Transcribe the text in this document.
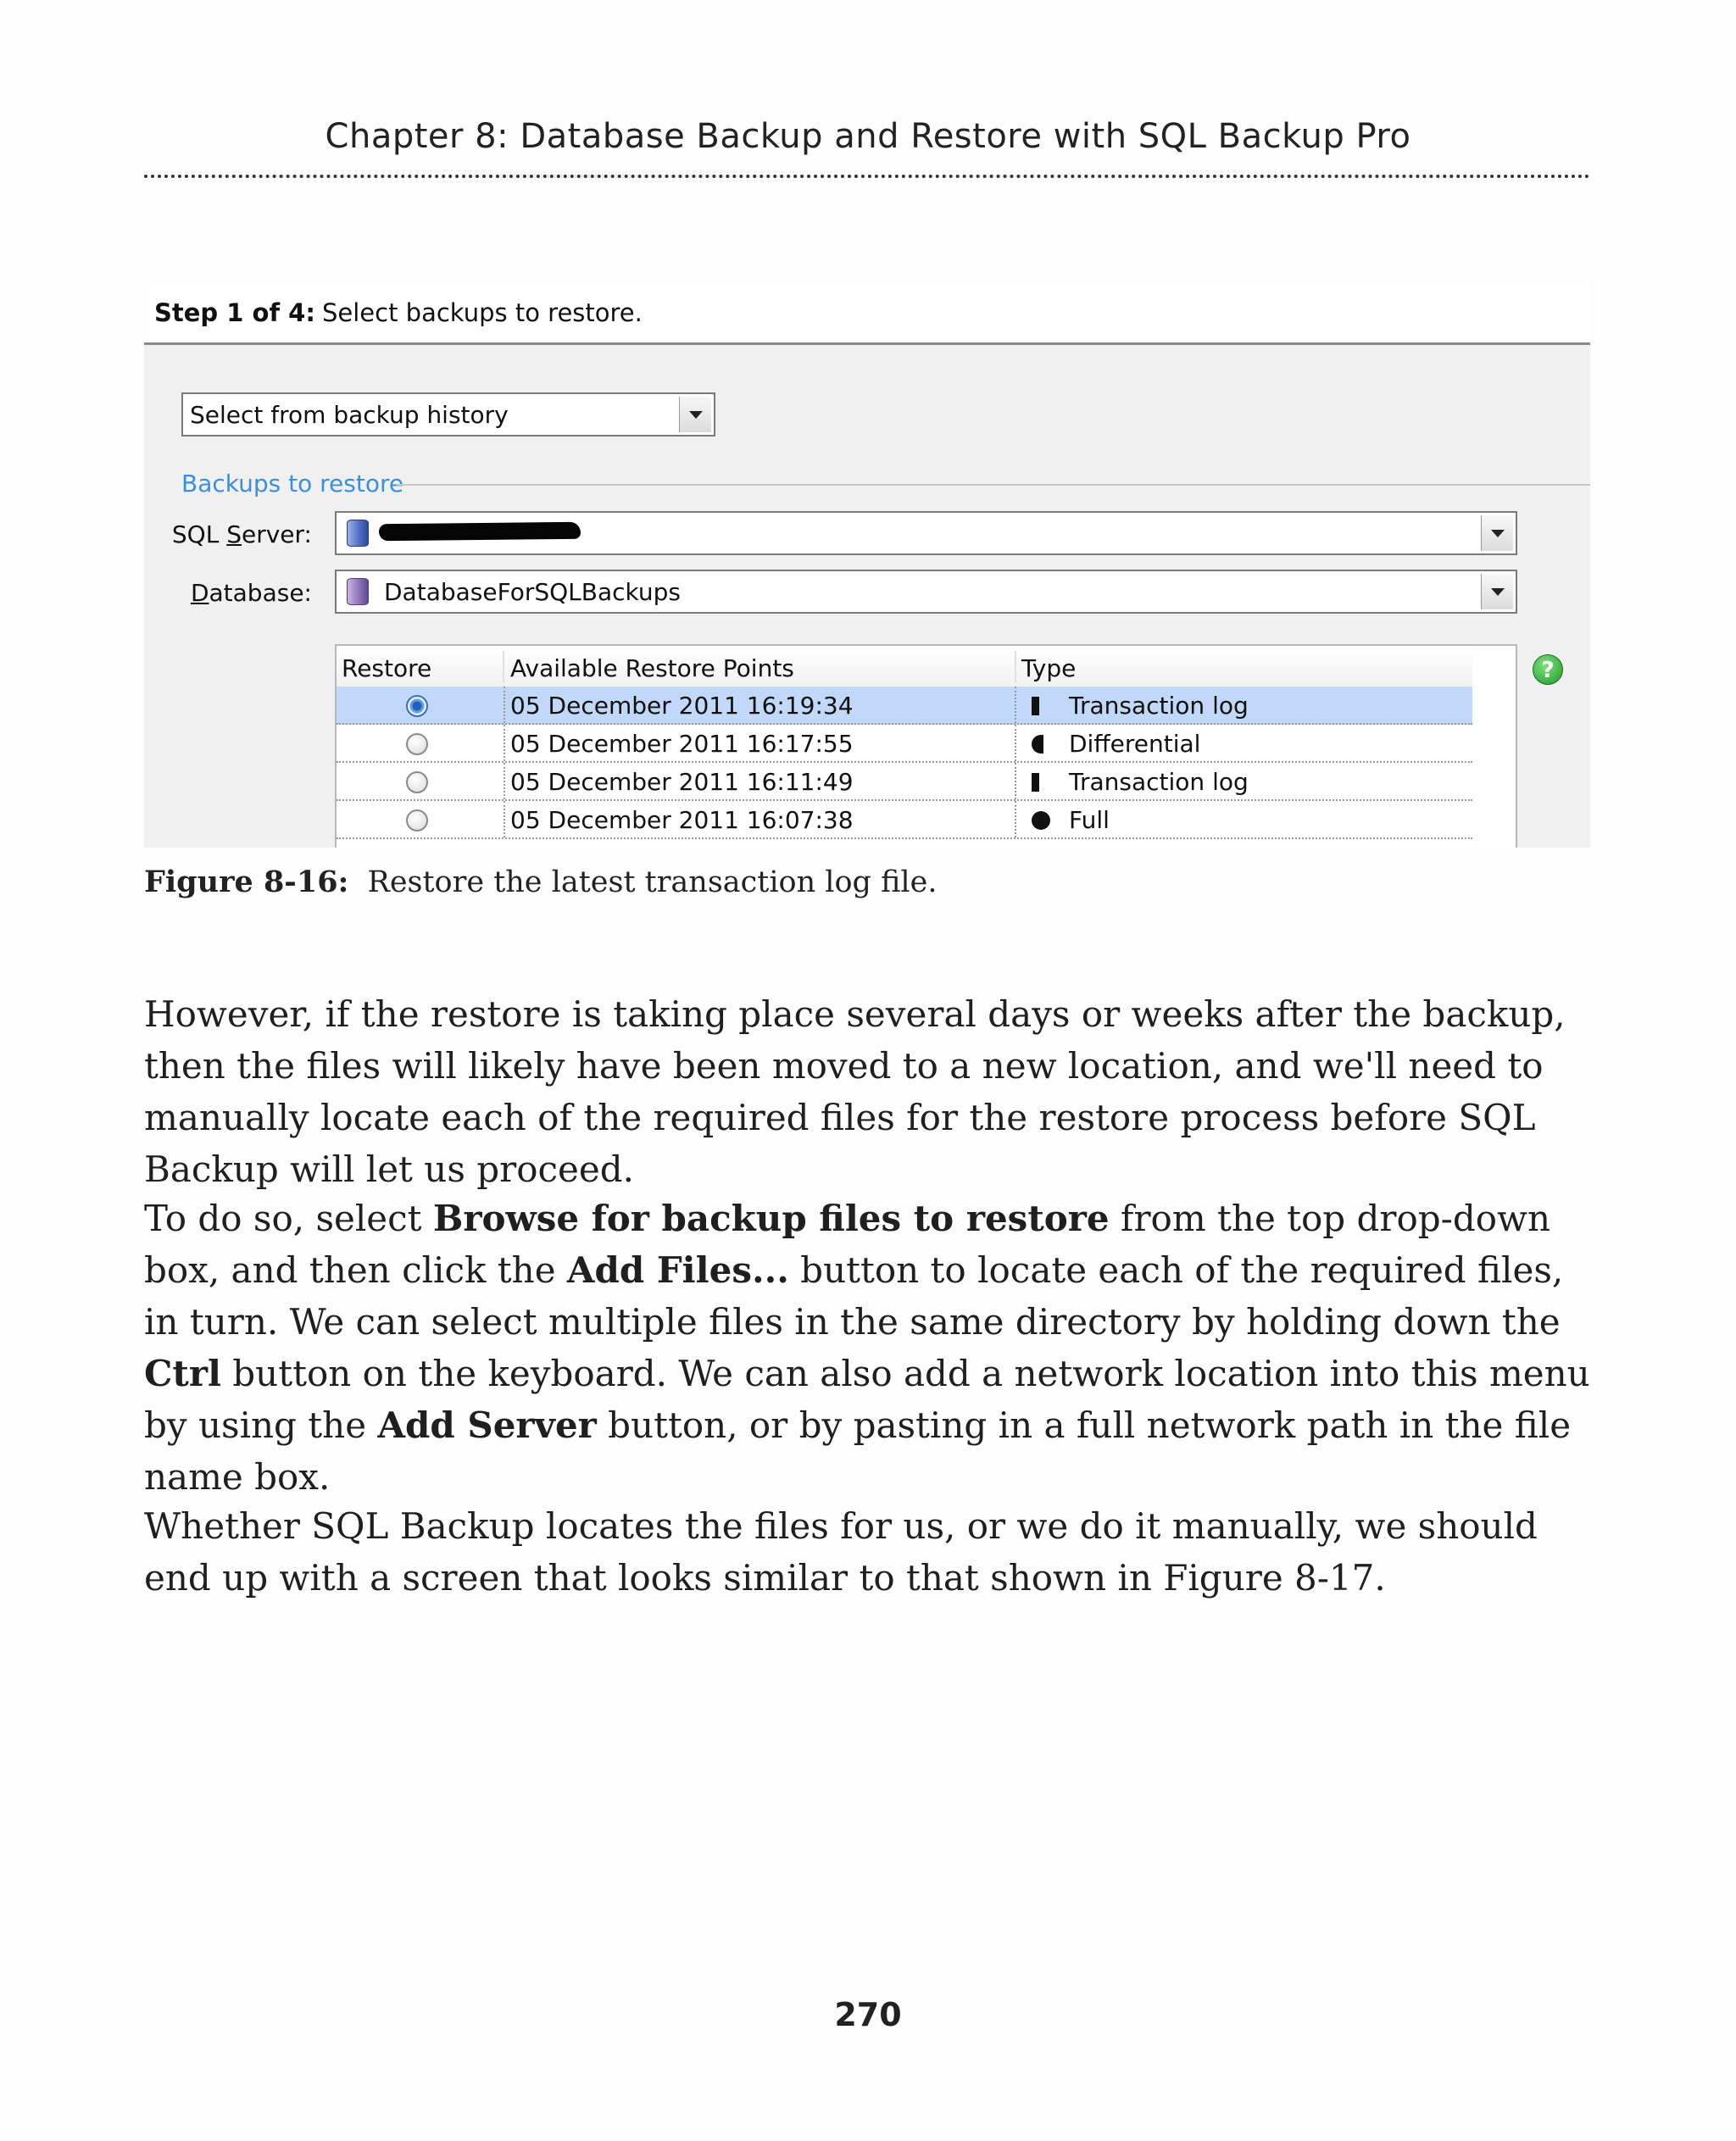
Chapter 8: Database Backup and Restore with SQL Backup Pro
Step 1 of 4: Select backups to restore.
Select from backup history
Backups to restore
SQL Server:
Database:	DatabaseForSQLBackups
Restore	Available Restore Points	Type
05 December 2011 16:19:34	Transaction log
05 December 2011 16:17:55	Differential
05 December 2011 16:11:49	Transaction log
05 December 2011 16:07:38	Full
?
Figure 8-16: Restore the latest transaction log file.

However, if the restore is taking place several days or weeks after the backup, then the files will likely have been moved to a new location, and we'll need to manually locate each of the required files for the restore process before SQL Backup will let us proceed.

To do so, select Browse for backup files to restore from the top drop-down box, and then click the Add Files... button to locate each of the required files, in turn. We can select multiple files in the same directory by holding down the Ctrl button on the keyboard. We can also add a network location into this menu by using the Add Server button, or by pasting in a full network path in the file name box.

Whether SQL Backup locates the files for us, or we do it manually, we should end up with a screen that looks similar to that shown in Figure 8-17.

270
